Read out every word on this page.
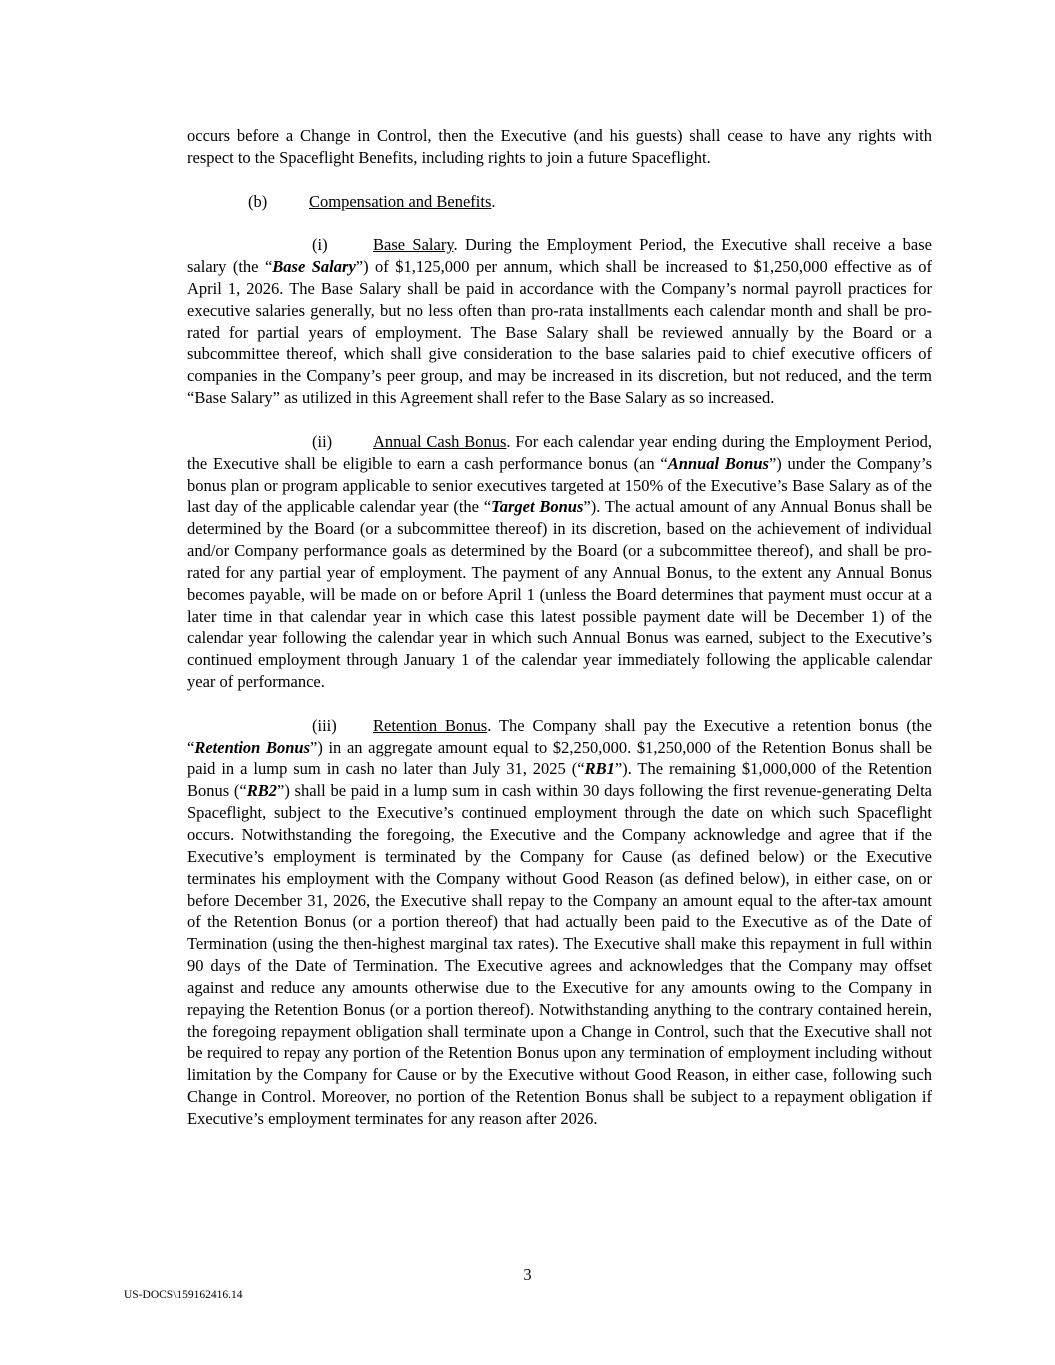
occurs before a Change in Control, then the Executive (and his guests) shall cease to have any rights with respect to the Spaceflight Benefits, including rights to join a future Spaceflight.

(b)	Compensation and Benefits.

(i)	Base Salary. During the Employment Period, the Executive shall receive a base salary (the “Base Salary”) of $1,125,000 per annum, which shall be increased to $1,250,000 effective as of April 1, 2026. The Base Salary shall be paid in accordance with the Company’s normal payroll practices for executive salaries generally, but no less often than pro-rata installments each calendar month and shall be pro-rated for partial years of employment. The Base Salary shall be reviewed annually by the Board or a subcommittee thereof, which shall give consideration to the base salaries paid to chief executive officers of companies in the Company’s peer group, and may be increased in its discretion, but not reduced, and the term “Base Salary” as utilized in this Agreement shall refer to the Base Salary as so increased.

(ii) Annual Cash Bonus. For each calendar year ending during the Employment Period, the Executive shall be eligible to earn a cash performance bonus (an “Annual Bonus”) under the Company’s bonus plan or program applicable to senior executives targeted at 150% of the Executive’s Base Salary as of the last day of the applicable calendar year (the “Target Bonus”). The actual amount of any Annual Bonus shall be determined by the Board (or a subcommittee thereof) in its discretion, based on the achievement of individual and/or Company performance goals as determined by the Board (or a subcommittee thereof), and shall be pro-rated for any partial year of employment. The payment of any Annual Bonus, to the extent any Annual Bonus becomes payable, will be made on or before April 1 (unless the Board determines that payment must occur at a later time in that calendar year in which case this latest possible payment date will be December 1) of the calendar year following the calendar year in which such Annual Bonus was earned, subject to the Executive’s continued employment through January 1 of the calendar year immediately following the applicable calendar year of performance.

(iii) Retention Bonus. The Company shall pay the Executive a retention bonus (the “Retention Bonus”) in an aggregate amount equal to $2,250,000. $1,250,000 of the Retention Bonus shall be paid in a lump sum in cash no later than July 31, 2025 (“RB1”). The remaining $1,000,000 of the Retention Bonus (“RB2”) shall be paid in a lump sum in cash within 30 days following the first revenue-generating Delta Spaceflight, subject to the Executive’s continued employment through the date on which such Spaceflight occurs. Notwithstanding the foregoing, the Executive and the Company acknowledge and agree that if the Executive’s employment is terminated by the Company for Cause (as defined below) or the Executive terminates his employment with the Company without Good Reason (as defined below), in either case, on or before December 31, 2026, the Executive shall repay to the Company an amount equal to the after-tax amount of the Retention Bonus (or a portion thereof) that had actually been paid to the Executive as of the Date of Termination (using the then-highest marginal tax rates). The Executive shall make this repayment in full within 90 days of the Date of Termination. The Executive agrees and acknowledges that the Company may offset against and reduce any amounts otherwise due to the Executive for any amounts owing to the Company in repaying the Retention Bonus (or a portion thereof). Notwithstanding anything to the contrary contained herein, the foregoing repayment obligation shall terminate upon a Change in Control, such that the Executive shall not be required to repay any portion of the Retention Bonus upon any termination of employment including without limitation by the Company for Cause or by the Executive without Good Reason, in either case, following such Change in Control. Moreover, no portion of the Retention Bonus shall be subject to a repayment obligation if Executive’s employment terminates for any reason after 2026.

3
US-DOCS\159162416.14
